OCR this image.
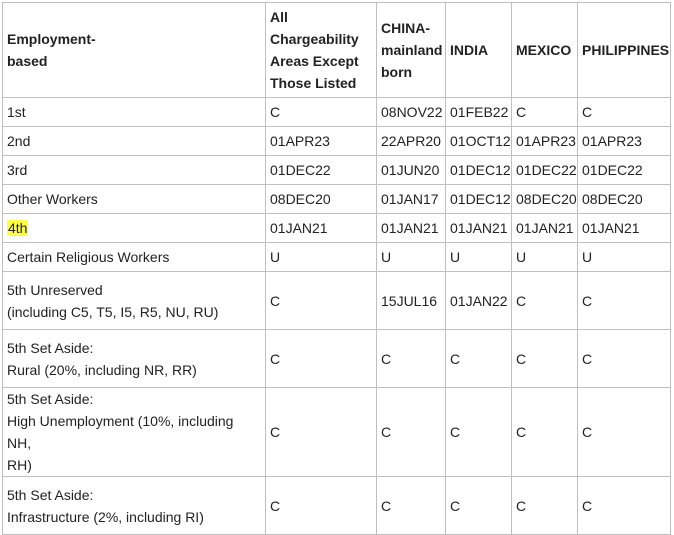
Employment-
based	All
Chargeability
Areas Except
Those Listed	CHINA-
mainland
born	INDIA	MEXICO	PHILIPPINES
1st	C	08NOV22	01FEB22	C	C
2nd	01APR23	22APR20	01OCT12	01APR23	01APR23
3rd	01DEC22	01JUN20	01DEC12	01DEC22	01DEC22
Other Workers	08DEC20	01JAN17	01DEC12	08DEC20	08DEC20
4th	01JAN21	01JAN21	01JAN21	01JAN21	01JAN21
Certain Religious Workers	U	U	U	U	U

5th Unreserved
(including C5, T5, I5, R5, NU, RU)	C	15JUL16	01JAN22	C	C

5th Set Aside:
Rural (20%, including NR, RR)	C	C	C	C	C

5th Set Aside:
High Unemployment (10%, including NH,
RH)	C	C	C	C	C

5th Set Aside:
Infrastructure (2%, including RI)	C	C	C	C	C
